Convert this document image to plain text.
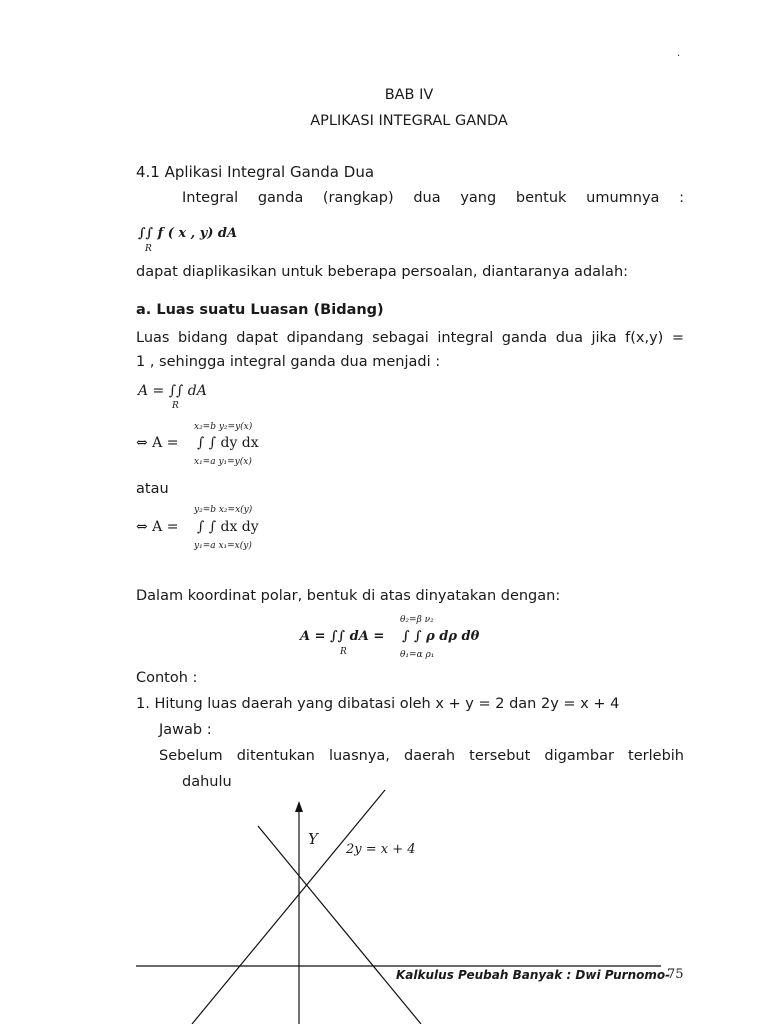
.
BAB IV
APLIKASI INTEGRAL GANDA
4.1 Aplikasi Integral Ganda Dua
Integral ganda (rangkap) dua yang bentuk umumnya :
∫∫ f ( x , y) dA
R
dapat diaplikasikan untuk beberapa persoalan, diantaranya adalah:
a. Luas suatu Luasan (Bidang)
Luas bidang dapat dipandang sebagai integral ganda dua jika f(x,y) =
1 , sehingga integral ganda dua menjadi :
A = ∫∫ dA
R
x₂=b y₂=y(x)
⇔ A = ∫ ∫ dy dx
x₁=a y₁=y(x)
atau
y₂=b x₂=x(y)
⇔ A = ∫ ∫ dx dy
y₁=a x₁=x(y)
Dalam koordinat polar, bentuk di atas dinyatakan dengan:
θ₂=β ν₂
A = ∫∫ dA =
R
∫ ∫ ρ dρ dθ
θ₁=α ρ₁
Contoh :
1. Hitung luas daerah yang dibatasi oleh x + y = 2 dan 2y = x + 4
Jawab :
Sebelum ditentukan luasnya, daerah tersebut digambar terlebih
dahulu
Y
2y = x + 4
Kalkulus Peubah Banyak : Dwi Purnomo-
75
